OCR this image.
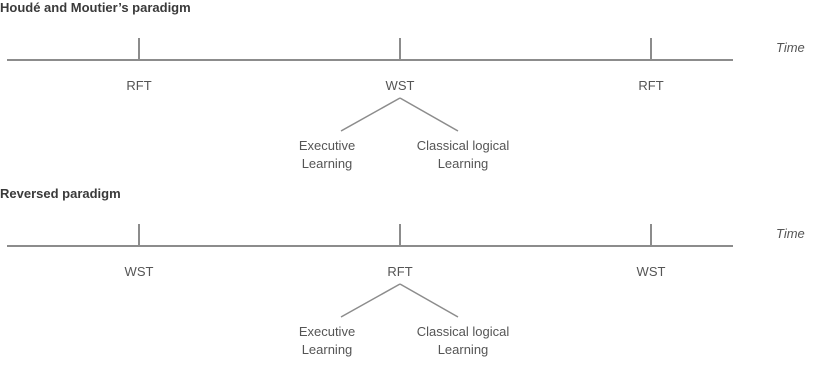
Houdé and Moutier’s paradigm
Time
RFT	WST	RFT
Executive
Learning
Classical logical
Learning
Reversed paradigm
Time
WST	RFT	WST
Executive
Learning
Classical logical
Learning
